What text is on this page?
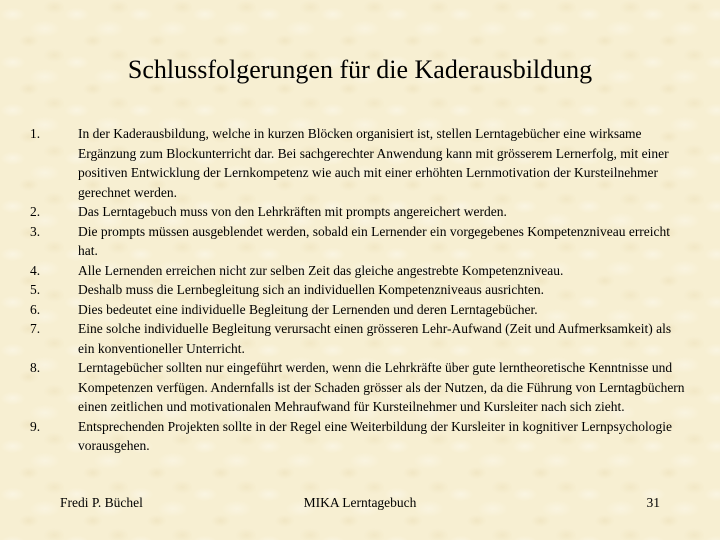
Schlussfolgerungen für die Kaderausbildung
1.	In der Kaderausbildung, welche in kurzen Blöcken organisiert ist, stellen Lerntagebücher eine wirksame Ergänzung zum Blockunterricht dar. Bei sachgerechter Anwendung kann mit grösserem Lernerfolg, mit einer positiven Entwicklung der Lernkompetenz wie auch mit einer erhöhten Lernmotivation der Kursteilnehmer gerechnet werden.
2.	Das Lerntagebuch muss von den Lehrkräften mit prompts angereichert werden.
3.	Die prompts müssen ausgeblendet werden, sobald ein Lernender ein vorgegebenes Kompetenzniveau erreicht hat.
4.	Alle Lernenden erreichen nicht zur selben Zeit das gleiche angestrebte Kompetenzniveau.
5.	Deshalb muss die Lernbegleitung sich an individuellen Kompetenzniveaus ausrichten.
6.	Dies bedeutet eine individuelle Begleitung der Lernenden und deren Lerntagebücher.
7.	Eine solche individuelle Begleitung verursacht einen grösseren Lehr-Aufwand (Zeit und Aufmerksamkeit) als ein konventioneller Unterricht.
8.	Lerntagebücher sollten nur eingeführt werden, wenn die Lehrkräfte über gute lerntheoretische Kenntnisse und Kompetenzen verfügen. Andernfalls ist der Schaden grösser als der Nutzen, da die Führung von Lerntagbüchern einen zeitlichen und motivationalen Mehraufwand für Kursteilnehmer und Kursleiter nach sich zieht.
9.	Entsprechenden Projekten sollte in der Regel eine Weiterbildung der Kursleiter in kognitiver Lernpsychologie vorausgehen.
Fredi P. Büchel	MIKA Lerntagebuch	31
